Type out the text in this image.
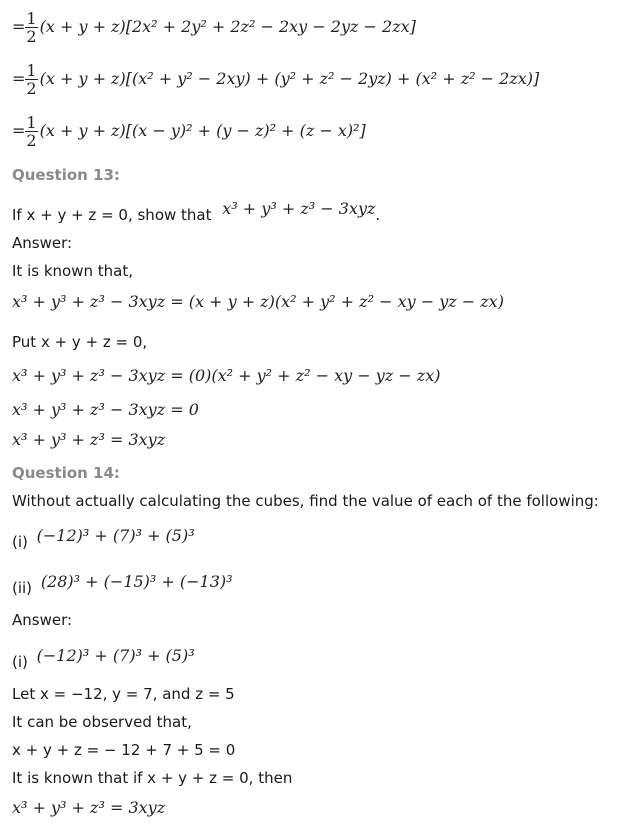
= $\frac{1}{2} (x + y + z)[2x^2 + 2y^2 + 2z^2 - 2xy - 2yz - 2zx]$
= $\frac{1}{2} (x + y + z)[(x^2 + y^2 - 2xy) + (y^2 + z^2 - 2yz) + (x^2 + z^2 - 2zx)]$
= $\frac{1}{2} (x + y + z)[(x - y)^2 + (y - z)^2 + (z - x)^2]$
Question 13:
If x + y + z = 0, show that x³ + y³ + z³ − 3xyz.
Answer:
It is known that,
x³ + y³ + z³ − 3xyz = (x + y + z)(x² + y² + z² − xy − yz − zx)
Put x + y + z = 0,
x³ + y³ + z³ − 3xyz = (0)(x² + y² + z² − xy − yz − zx)
x³ + y³ + z³ − 3xyz = 0
x³ + y³ + z³ = 3xyz
Question 14:
Without actually calculating the cubes, find the value of each of the following:
(i) (−12)³ + (7)³ + (5)³
(ii) (28)³ + (−15)³ + (−13)³
Answer:
(i) (−12)³ + (7)³ + (5)³
Let x = −12, y = 7, and z = 5
It can be observed that,
x + y + z = − 12 + 7 + 5 = 0
It is known that if x + y + z = 0, then
x³ + y³ + z³ = 3xyz
